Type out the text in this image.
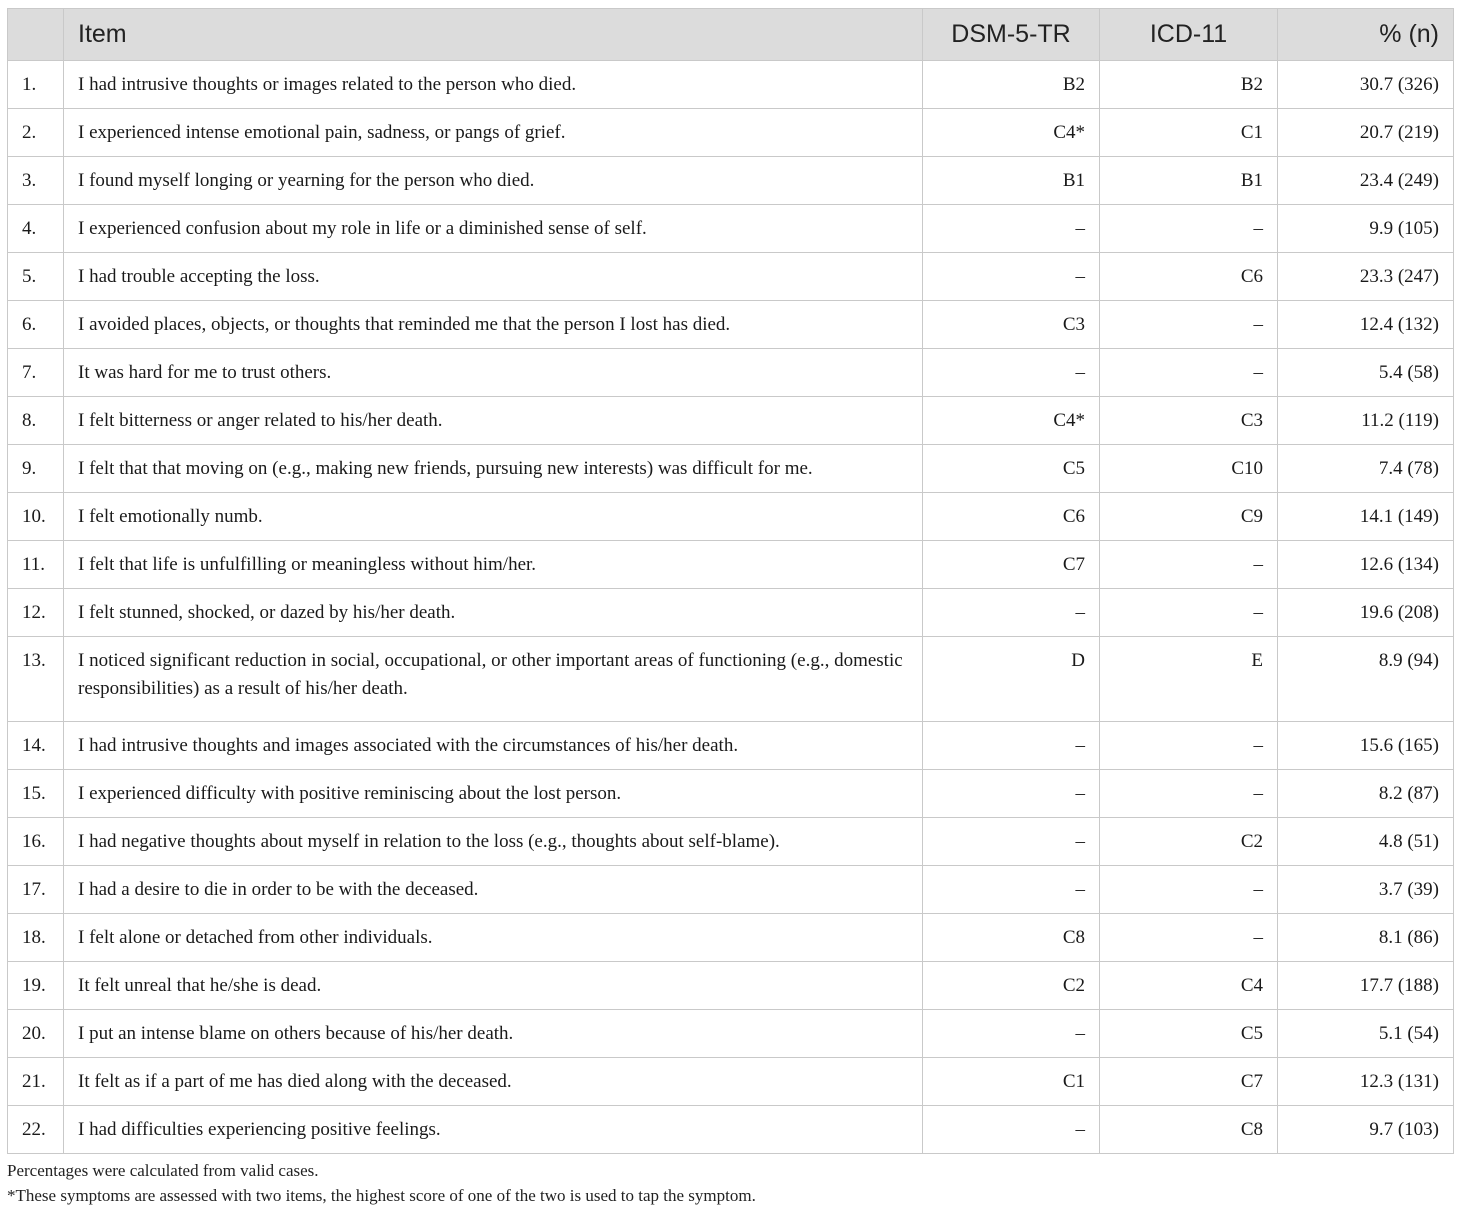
	Item	DSM-5-TR	ICD-11	% (n)
1.	I had intrusive thoughts or images related to the person who died.	B2	B2	30.7 (326)
2.	I experienced intense emotional pain, sadness, or pangs of grief.	C4*	C1	20.7 (219)
3.	I found myself longing or yearning for the person who died.	B1	B1	23.4 (249)
4.	I experienced confusion about my role in life or a diminished sense of self.	–	–	9.9 (105)
5.	I had trouble accepting the loss.	–	C6	23.3 (247)
6.	I avoided places, objects, or thoughts that reminded me that the person I lost has died.	C3	–	12.4 (132)
7.	It was hard for me to trust others.	–	–	5.4 (58)
8.	I felt bitterness or anger related to his/her death.	C4*	C3	11.2 (119)
9.	I felt that that moving on (e.g., making new friends, pursuing new interests) was difficult for me.	C5	C10	7.4 (78)
10.	I felt emotionally numb.	C6	C9	14.1 (149)
11.	I felt that life is unfulfilling or meaningless without him/her.	C7	–	12.6 (134)
12.	I felt stunned, shocked, or dazed by his/her death.	–	–	19.6 (208)
13.	I noticed significant reduction in social, occupational, or other important areas of functioning (e.g., domestic responsibilities) as a result of his/her death.	D	E	8.9 (94)
14.	I had intrusive thoughts and images associated with the circumstances of his/her death.	–	–	15.6 (165)
15.	I experienced difficulty with positive reminiscing about the lost person.	–	–	8.2 (87)
16.	I had negative thoughts about myself in relation to the loss (e.g., thoughts about self-blame).	–	C2	4.8 (51)
17.	I had a desire to die in order to be with the deceased.	–	–	3.7 (39)
18.	I felt alone or detached from other individuals.	C8	–	8.1 (86)
19.	It felt unreal that he/she is dead.	C2	C4	17.7 (188)
20.	I put an intense blame on others because of his/her death.	–	C5	5.1 (54)
21.	It felt as if a part of me has died along with the deceased.	C1	C7	12.3 (131)
22.	I had difficulties experiencing positive feelings.	–	C8	9.7 (103)
Percentages were calculated from valid cases.
*These symptoms are assessed with two items, the highest score of one of the two is used to tap the symptom.
